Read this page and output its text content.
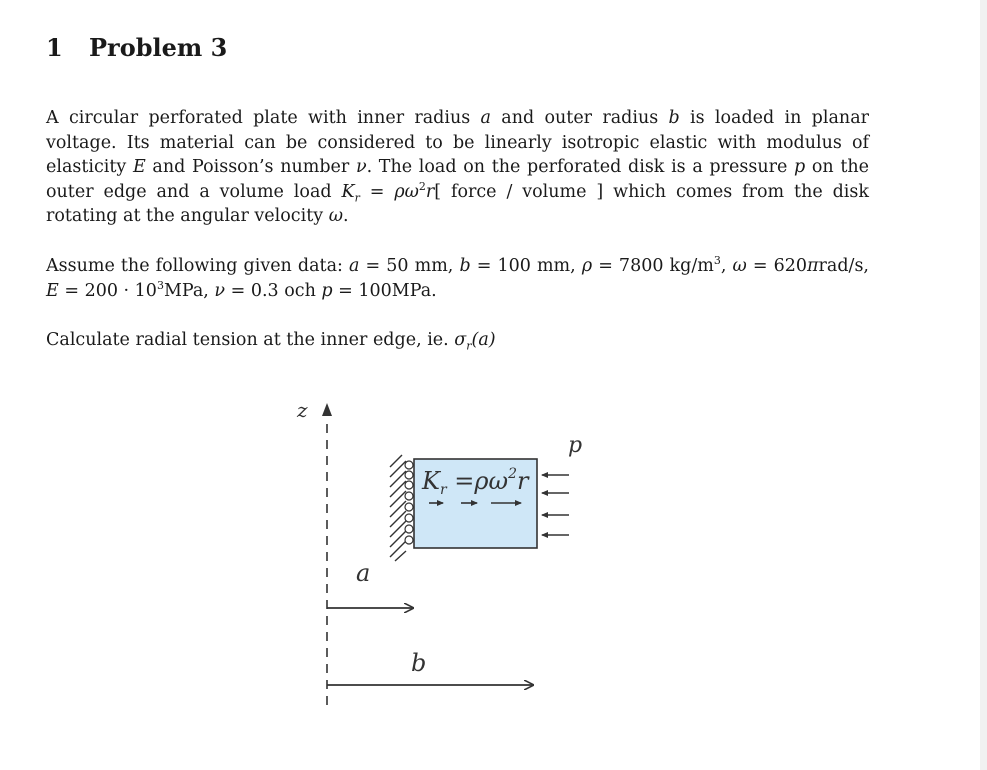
1 Problem 3

A circular perforated plate with inner radius a and outer radius b is loaded in planar voltage. Its material can be considered to be linearly isotropic elastic with modulus of elasticity E and Poisson’s number ν. The load on the perforated disk is a pressure p on the outer edge and a volume load $K_r = \rho\omega^2r$[ force / volume ] which comes from the disk rotating at the angular velocity ω.

Assume the following given data: a = 50 mm, b = 100 mm, ρ = 7800 $kg/m^3$, ω = 620πrad/s, $E = 200 \cdot 10^3MPa$, ν = 0.3 och p = 100MPa.

Calculate radial tension at the inner edge, ie. $\sigma_r(a)$

z
$K_r =\rho\omega^2r$
p
a
b
